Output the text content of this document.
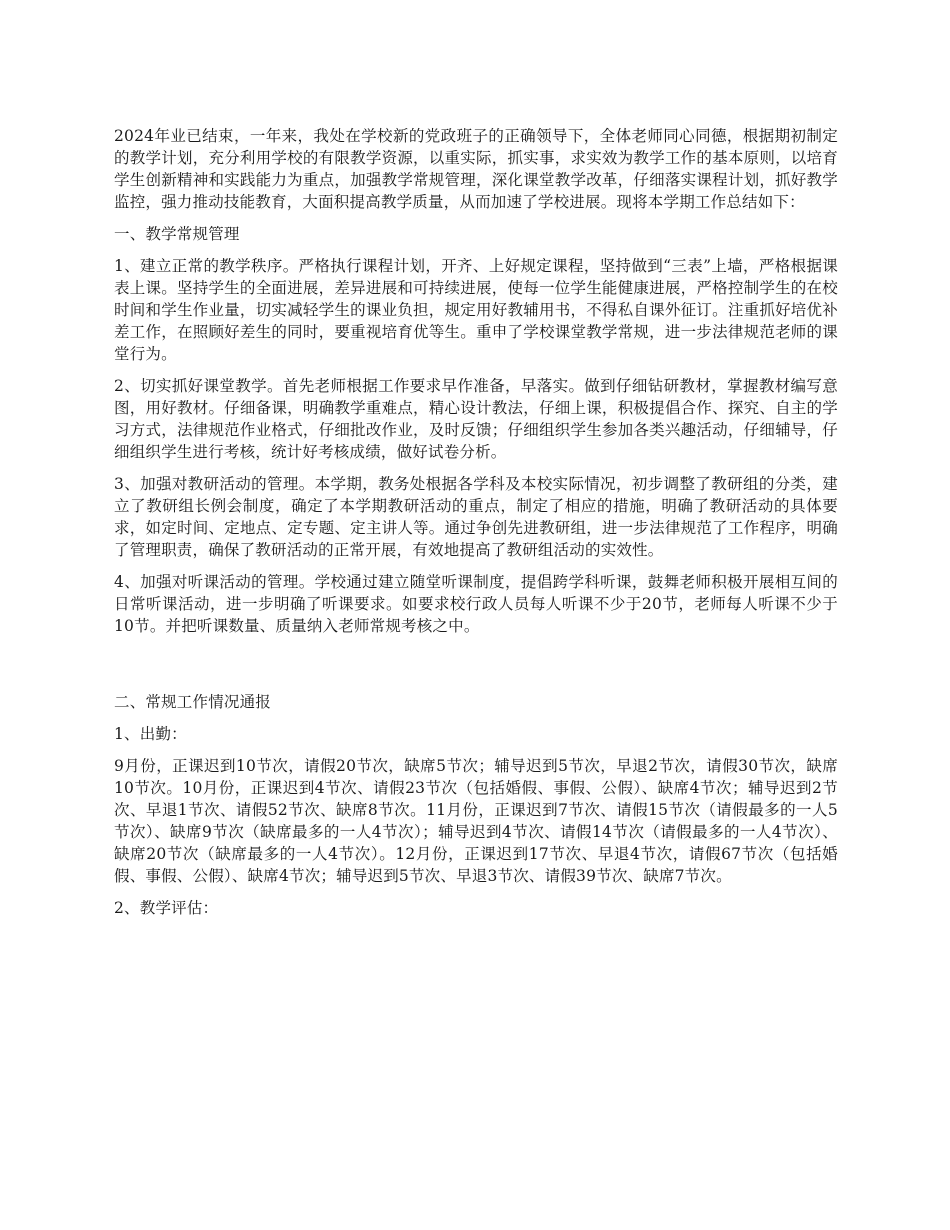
2024年业已结束，一年来，我处在学校新的党政班子的正确领导下，全体老师同心同德，根据期初制定的教学计划，充分利用学校的有限教学资源，以重实际，抓实事，求实效为教学工作的基本原则，以培育学生创新精神和实践能力为重点，加强教学常规管理，深化课堂教学改革，仔细落实课程计划，抓好教学监控，强力推动技能教育，大面积提高教学质量，从而加速了学校进展。现将本学期工作总结如下：

一、教学常规管理

1、建立正常的教学秩序。严格执行课程计划，开齐、上好规定课程，坚持做到“三表”上墙，严格根据课表上课。坚持学生的全面进展，差异进展和可持续进展，使每一位学生能健康进展，严格控制学生的在校时间和学生作业量，切实减轻学生的课业负担，规定用好教辅用书，不得私自课外征订。注重抓好培优补差工作，在照顾好差生的同时，要重视培育优等生。重申了学校课堂教学常规，进一步法律规范老师的课堂行为。

2、切实抓好课堂教学。首先老师根据工作要求早作准备，早落实。做到仔细钻研教材，掌握教材编写意图，用好教材。仔细备课，明确教学重难点，精心设计教法，仔细上课，积极提倡合作、探究、自主的学习方式，法律规范作业格式，仔细批改作业，及时反馈；仔细组织学生参加各类兴趣活动，仔细辅导，仔细组织学生进行考核，统计好考核成绩，做好试卷分析。

3、加强对教研活动的管理。本学期，教务处根据各学科及本校实际情况，初步调整了教研组的分类，建立了教研组长例会制度，确定了本学期教研活动的重点，制定了相应的措施，明确了教研活动的具体要求，如定时间、定地点、定专题、定主讲人等。通过争创先进教研组，进一步法律规范了工作程序，明确了管理职责，确保了教研活动的正常开展，有效地提高了教研组活动的实效性。

4、加强对听课活动的管理。学校通过建立随堂听课制度，提倡跨学科听课，鼓舞老师积极开展相互间的日常听课活动，进一步明确了听课要求。如要求校行政人员每人听课不少于20节，老师每人听课不少于10节。并把听课数量、质量纳入老师常规考核之中。

二、常规工作情况通报

1、出勤：

9月份，正课迟到10节次，请假20节次，缺席5节次；辅导迟到5节次，早退2节次，请假30节次，缺席10节次。10月份，正课迟到4节次、请假23节次（包括婚假、事假、公假）、缺席4节次；辅导迟到2节次、早退1节次、请假52节次、缺席8节次。11月份，正课迟到7节次、请假15节次（请假最多的一人5节次）、缺席9节次（缺席最多的一人4节次）；辅导迟到4节次、请假14节次（请假最多的一人4节次）、缺席20节次（缺席最多的一人4节次）。12月份，正课迟到17节次、早退4节次，请假67节次（包括婚假、事假、公假）、缺席4节次；辅导迟到5节次、早退3节次、请假39节次、缺席7节次。

2、教学评估：
